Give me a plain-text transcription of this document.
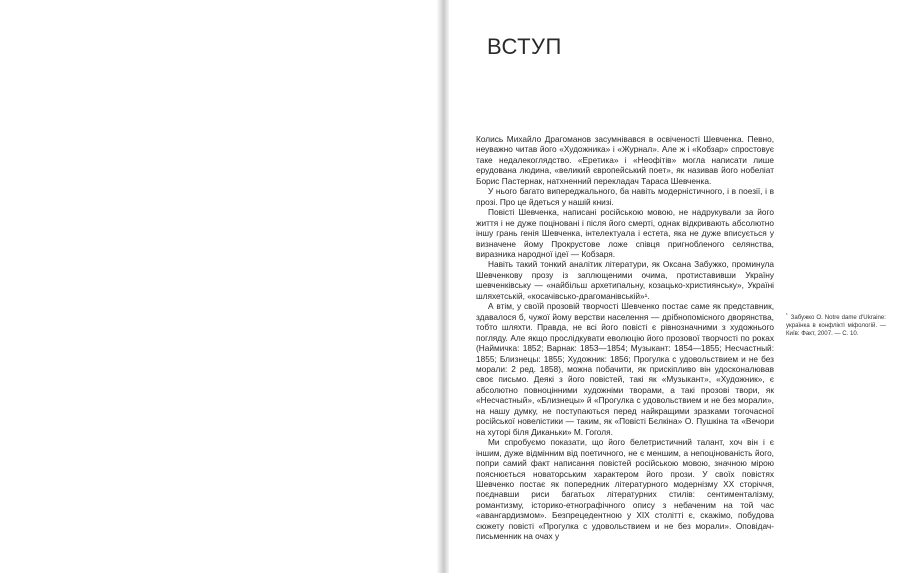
ВСТУП

Колись Михайло Драгоманов засумнівався в освіченості Шевченка. Певно, неуважно читав його «Художника» і «Журнал». Але ж і «Кобзар» спростовує таке недалекоглядство. «Еретика» і «Неофітів» могла написати лише ерудована людина, «великий європейський поет», як називав його нобеліат Борис Пастернак, натхненний перекладач Тараса Шевченка.

У нього багато випереджального, ба навіть модерністичного, і в поезії, і в прозі. Про це йдеться у нашій книзі.

Повісті Шевченка, написані російською мовою, не надрукували за його життя і не дуже поціновані і після його смерті, однак відкривають абсолютно іншу грань генія Шевченка, інтелектуала і естета, яка не дуже вписується у визначене йому Прокрустове ложе співця пригнобленого селянства, виразника народної ідеї — Кобзаря.

Навіть такий тонкий аналітик літератури, як Оксана Забужко, проминула Шевченкову прозу із заплющеними очима, протиставивши Україну шевченківську — «найбільш архетипальну, козацько-християнську», Україні шляхетській, «косачівсько-драгоманівській»¹.

А втім, у своїй прозовій творчості Шевченко постає саме як представник, здавалося б, чужої йому верстви населення — дрібнопомісного дворянства, тобто шляхти. Правда, не всі його повісті є рівнозначними з художнього погляду. Але якщо прослідкувати еволюцію його прозової творчості по роках (Наймичка: 1852; Варнак: 1853—1854; Музыкант: 1854—1855; Несчастный: 1855; Близнецы: 1855; Художник: 1856; Прогулка с удовольствием и не без морали: 2 ред. 1858), можна побачити, як прискіпливо він удосконалював своє письмо. Деякі з його повістей, такі як «Музыкант», «Художник», є абсолютно повноцінними художніми творами, а такі прозові твори, як «Несчастный», «Близнецы» й «Прогулка с удовольствием и не без морали», на нашу думку, не поступаються перед найкращими зразками тогочасної російської новелістики — таким, як «Повісті Бєлкіна» О. Пушкіна та «Вечори на хуторі біля Диканьки» М. Гоголя.

Ми спробуємо показати, що його белетристичний талант, хоч він і є іншим, дуже відмінним від поетичного, не є меншим, а непоцінованість його, попри самий факт написання повістей російською мовою, значною мірою пояснюється новаторським характером його прози. У своїх повістях Шевченко постає як попередник літературного модернізму XX сторіччя, поєднавши риси багатьох літературних стилів: сентименталізму, романтизму, історико-етнографічного опису з небаченим на той час «авангардизмом». Безпрецедентною у XIX столітті є, скажімо, побудова сюжету повісті «Прогулка с удовольствием и не без морали». Оповідач-письменник на очах у

$^{^1}$ Забужко О. Notre dame d'Ukraine: українка в конфлікті міфологій. — Київ: Факт, 2007. — С. 10.
